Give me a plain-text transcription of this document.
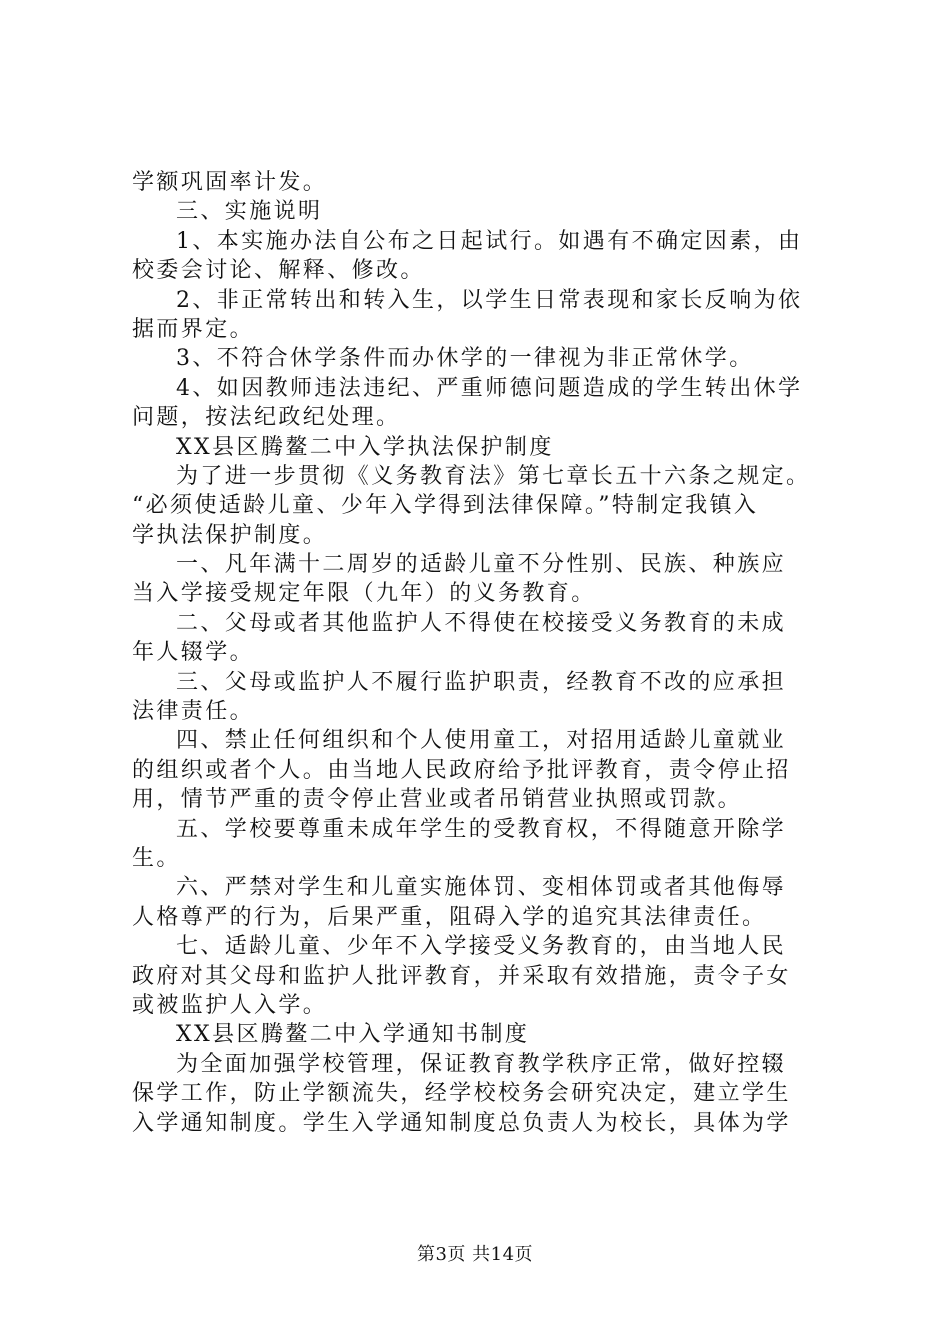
学额巩固率计发。
三、实施说明
1、本实施办法自公布之日起试行。如遇有不确定因素，由
校委会讨论、解释、修改。
2、非正常转出和转入生，以学生日常表现和家长反响为依
据而界定。
3、不符合休学条件而办休学的一律视为非正常休学。
4、如因教师违法违纪、严重师德问题造成的学生转出休学
问题，按法纪政纪处理。
XX县区腾鳌二中入学执法保护制度
为了进一步贯彻《义务教育法》第七章长五十六条之规定。
“必须使适龄儿童、少年入学得到法律保障。”特制定我镇入
学执法保护制度。
一、凡年满十二周岁的适龄儿童不分性别、民族、种族应
当入学接受规定年限（九年）的义务教育。
二、父母或者其他监护人不得使在校接受义务教育的未成
年人辍学。
三、父母或监护人不履行监护职责，经教育不改的应承担
法律责任。
四、禁止任何组织和个人使用童工，对招用适龄儿童就业
的组织或者个人。由当地人民政府给予批评教育，责令停止招
用，情节严重的责令停止营业或者吊销营业执照或罚款。
五、学校要尊重未成年学生的受教育权，不得随意开除学
生。
六、严禁对学生和儿童实施体罚、变相体罚或者其他侮辱
人格尊严的行为，后果严重，阻碍入学的追究其法律责任。
七、适龄儿童、少年不入学接受义务教育的，由当地人民
政府对其父母和监护人批评教育，并采取有效措施，责令子女
或被监护人入学。
XX县区腾鳌二中入学通知书制度
为全面加强学校管理，保证教育教学秩序正常，做好控辍
保学工作，防止学额流失，经学校校务会研究决定，建立学生
入学通知制度。学生入学通知制度总负责人为校长，具体为学
第3页 共14页
